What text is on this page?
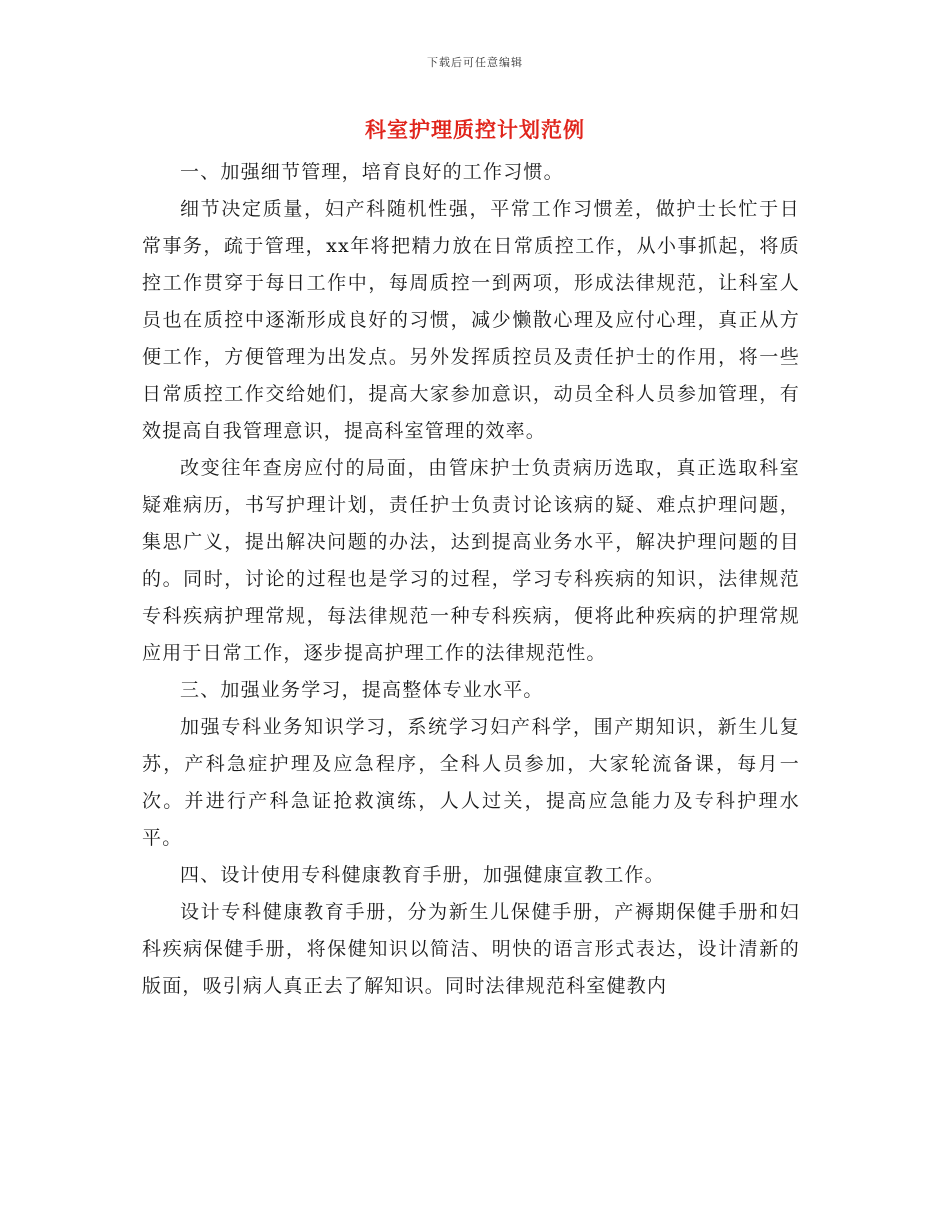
下载后可任意编辑
科室护理质控计划范例

一、加强细节管理，培育良好的工作习惯。

细节决定质量，妇产科随机性强，平常工作习惯差，做护士长忙于日常事务，疏于管理，xx年将把精力放在日常质控工作，从小事抓起，将质控工作贯穿于每日工作中，每周质控一到两项，形成法律规范，让科室人员也在质控中逐渐形成良好的习惯，减少懒散心理及应付心理，真正从方便工作，方便管理为出发点。另外发挥质控员及责任护士的作用，将一些日常质控工作交给她们，提高大家参加意识，动员全科人员参加管理，有效提高自我管理意识，提高科室管理的效率。

改变往年查房应付的局面，由管床护士负责病历选取，真正选取科室疑难病历，书写护理计划，责任护士负责讨论该病的疑、难点护理问题，集思广义，提出解决问题的办法，达到提高业务水平，解决护理问题的目的。同时，讨论的过程也是学习的过程，学习专科疾病的知识，法律规范专科疾病护理常规，每法律规范一种专科疾病，便将此种疾病的护理常规应用于日常工作，逐步提高护理工作的法律规范性。

三、加强业务学习，提高整体专业水平。

加强专科业务知识学习，系统学习妇产科学，围产期知识，新生儿复苏，产科急症护理及应急程序，全科人员参加，大家轮流备课，每月一次。并进行产科急证抢救演练，人人过关，提高应急能力及专科护理水平。

四、设计使用专科健康教育手册，加强健康宣教工作。

设计专科健康教育手册，分为新生儿保健手册，产褥期保健手册和妇科疾病保健手册，将保健知识以简洁、明快的语言形式表达，设计清新的版面，吸引病人真正去了解知识。同时法律规范科室健教内
